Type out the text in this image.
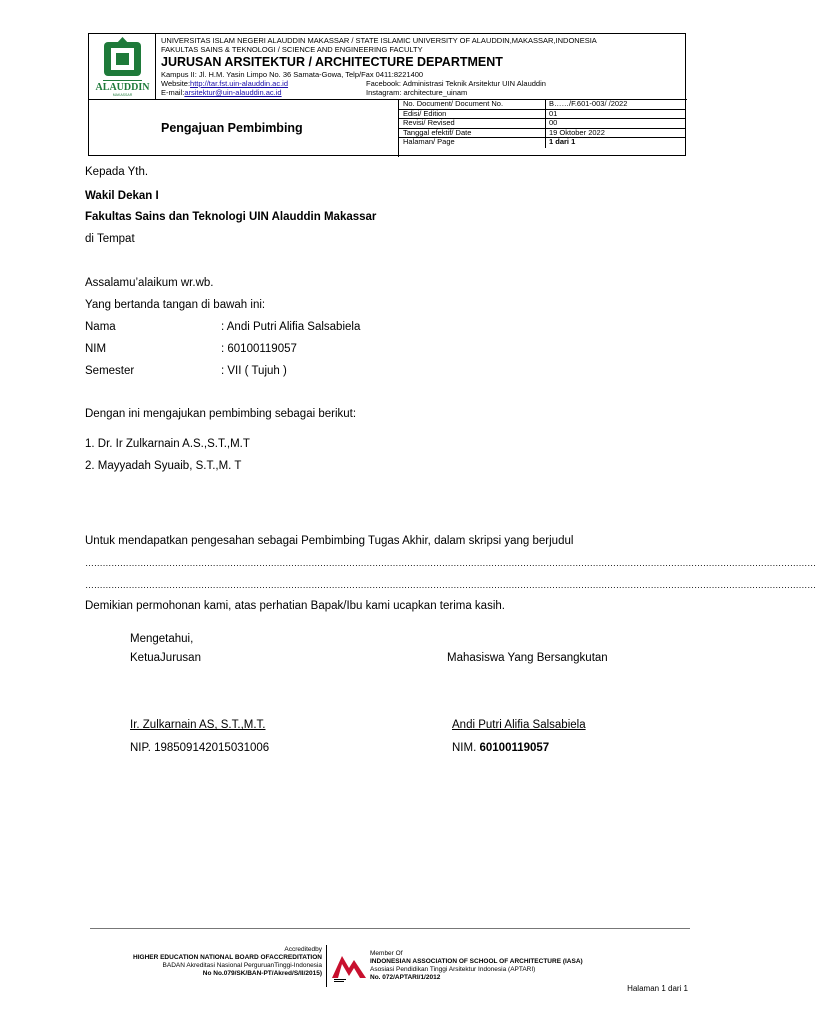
ALAUDDIN
MAKASSAR
UNIVERSITAS ISLAM NEGERI ALAUDDIN MAKASSAR / STATE ISLAMIC UNIVERSITY OF ALAUDDIN,MAKASSAR,INDONESIA
FAKULTAS SAINS & TEKNOLOGI / SCIENCE AND ENGINEERING FACULTY
JURUSAN ARSITEKTUR / ARCHITECTURE DEPARTMENT
Kampus II: Jl. H.M. Yasin Limpo No. 36 Samata-Gowa, Telp/Fax 0411:8221400
Website:http://tar.fst.uin-alauddin.ac.id	Facebook: Administrasi Teknik Arsitektur UIN Alauddin
E-mail:arsitektur@uin-alauddin.ac.id	Instagram: architecture_uinam
Pengajuan Pembimbing
No. Document/ Document No.	B……/F.601-003/ /2022
Edisi/ Edition	01
Revisi/ Revised	00
Tanggal efektif/ Date	19 Oktober 2022
Halaman/ Page	1 dari 1
Kepada Yth.
Wakil Dekan I
Fakultas Sains dan Teknologi UIN Alauddin Makassar
di Tempat
Assalamu’alaikum wr.wb.
Yang bertanda tangan di bawah ini:
Nama	: Andi Putri Alifia Salsabiela
NIM	: 60100119057
Semester	: VII ( Tujuh )
Dengan ini mengajukan pembimbing sebagai berikut:
1. Dr. Ir Zulkarnain A.S.,S.T.,M.T
2. Mayyadah Syuaib, S.T.,M. T
Untuk mendapatkan pengesahan sebagai Pembimbing Tugas Akhir, dalam skripsi yang berjudul
………………………………………………………………………………………………………………………………………………………………………………………………………………………………
………………………………………………………………………………………………………………………………………………………………………………………………………………………………
Demikian permohonan kami, atas perhatian Bapak/Ibu kami ucapkan terima kasih.
Mengetahui,
KetuaJurusan	Mahasiswa Yang Bersangkutan
Ir. Zulkarnain AS, S.T.,M.T.	Andi Putri Alifia Salsabiela
NIP. 198509142015031006	NIM. 60100119057
Accreditedby
HIGHER EDUCATION NATIONAL BOARD OFACCREDITATION
BADAN Akreditasi Nasional PerguruanTinggi-Indonesia
No No.079/SK/BAN-PT/Akred/S/II/2015)
Member Of
INDONESIAN ASSOCIATION OF SCHOOL OF ARCHITECTURE (IASA)
Asosiasi Pendidikan Tinggi Arsitektur Indonesia (APTARI)
No. 072/APTARI/1/2012
Halaman 1 dari 1
